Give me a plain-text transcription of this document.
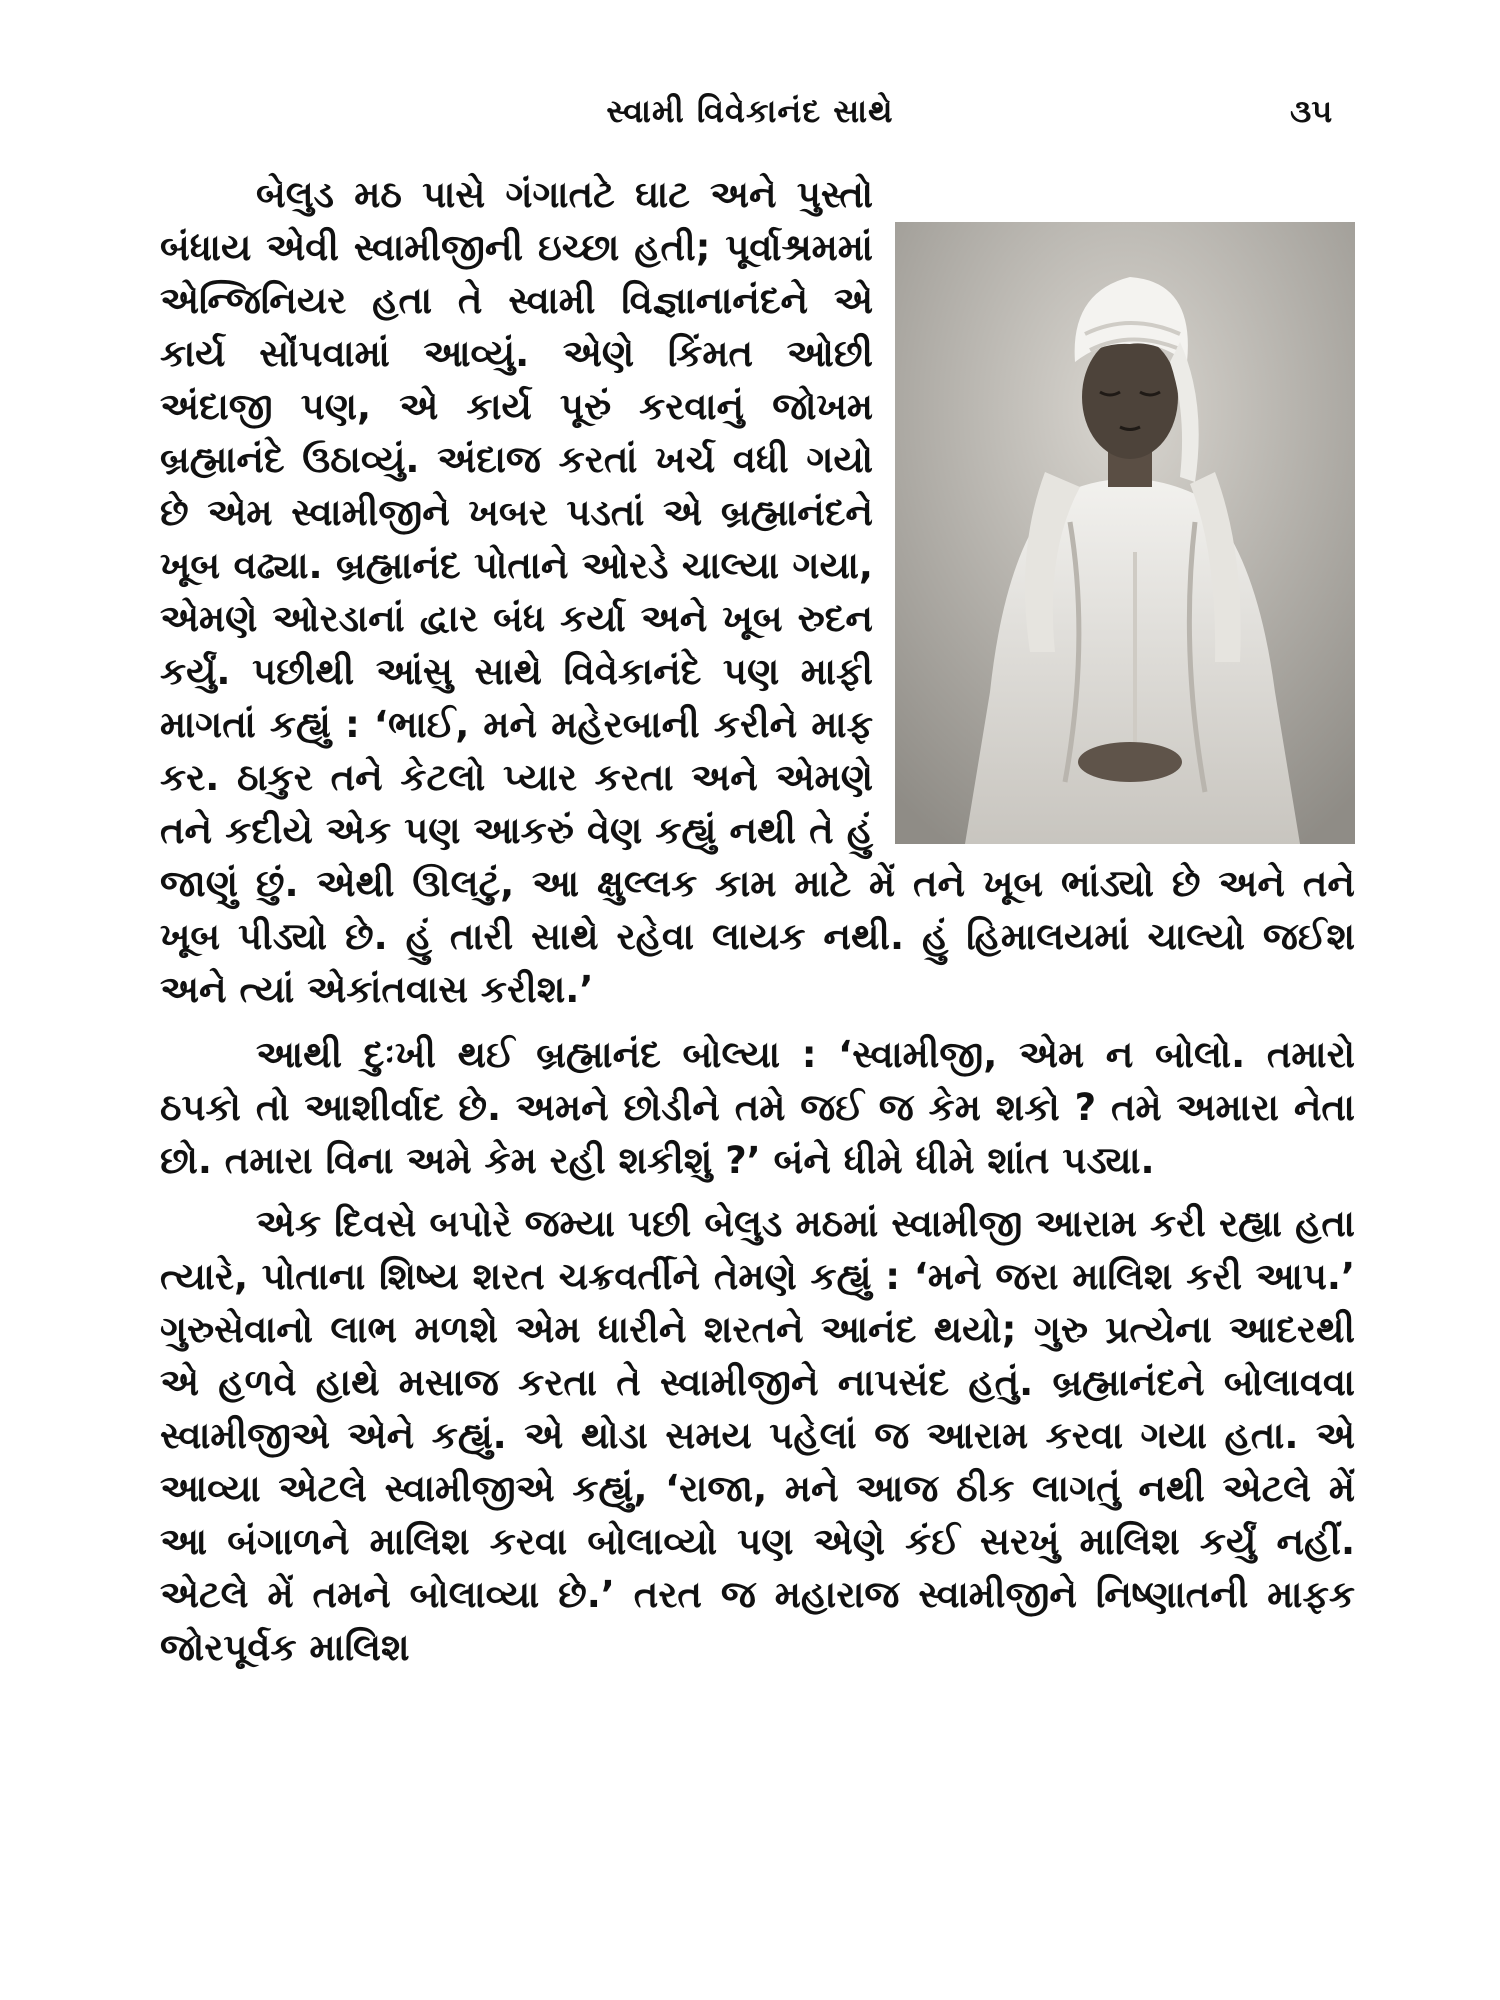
સ્વામી વિવેકાનંદ સાથે	૩૫

બેલુડ મઠ પાસે ગંગાતટે ઘાટ અને પુસ્તો બંધાય એવી સ્વામીજીની ઇચ્છા હતી; પૂર્વાશ્રમમાં એન્જિનિયર હતા તે સ્વામી વિજ્ઞાનાનંદને એ કાર્ય સોંપવામાં આવ્યું. એણે કિંમત ઓછી અંદાજી પણ, એ કાર્ય પૂરું કરવાનું જોખમ બ્રહ્માનંદે ઉઠાવ્યું. અંદાજ કરતાં ખર્ચ વધી ગયો છે એમ સ્વામીજીને ખબર પડતાં એ બ્રહ્માનંદને ખૂબ વઢ્યા. બ્રહ્માનંદ પોતાને ઓરડે ચાલ્યા ગયા, એમણે ઓરડાનાં દ્વાર બંધ કર્યા અને ખૂબ રુદન કર્યું. પછીથી આંસુ સાથે વિવેકાનંદે પણ માફી માગતાં કહ્યું : ‘ભાઈ, મને મહેરબાની કરીને માફ કર. ઠાકુર તને કેટલો પ્યાર કરતા અને એમણે તને કદીયે એક પણ આકરું વેણ કહ્યું નથી તે હું જાણું છું. એથી ઊલટું, આ ક્ષુલ્લક કામ માટે મેં તને ખૂબ ભાંડ્યો છે અને તને ખૂબ પીડ્યો છે. હું તારી સાથે રહેવા લાયક નથી. હું હિમાલયમાં ચાલ્યો જઈશ અને ત્યાં એકાંતવાસ કરીશ.’

આથી દુઃખી થઈ બ્રહ્માનંદ બોલ્યા : ‘સ્વામીજી, એમ ન બોલો. તમારો ઠપકો તો આશીર્વાદ છે. અમને છોડીને તમે જઈ જ કેમ શકો ? તમે અમારા નેતા છો. તમારા વિના અમે કેમ રહી શકીશું ?’ બંને ધીમે ધીમે શાંત પડ્યા.

એક દિવસે બપોરે જમ્યા પછી બેલુડ મઠમાં સ્વામીજી આરામ કરી રહ્યા હતા ત્યારે, પોતાના શિષ્ય શરત ચક્રવર્તીને તેમણે કહ્યું : ‘મને જરા માલિશ કરી આપ.’ ગુરુસેવાનો લાભ મળશે એમ ધારીને શરતને આનંદ થયો; ગુરુ પ્રત્યેના આદરથી એ હળવે હાથે મસાજ કરતા તે સ્વામીજીને નાપસંદ હતું. બ્રહ્માનંદને બોલાવવા સ્વામીજીએ એને કહ્યું. એ થોડા સમય પહેલાં જ આરામ કરવા ગયા હતા. એ આવ્યા એટલે સ્વામીજીએ કહ્યું, ‘રાજા, મને આજ ઠીક લાગતું નથી એટલે મેં આ બંગાળને માલિશ કરવા બોલાવ્યો પણ એણે કંઈ સરખું માલિશ કર્યું નહીં. એટલે મેં તમને બોલાવ્યા છે.’ તરત જ મહારાજ સ્વામીજીને નિષ્ણાતની માફક જોરપૂર્વક માલિશ
